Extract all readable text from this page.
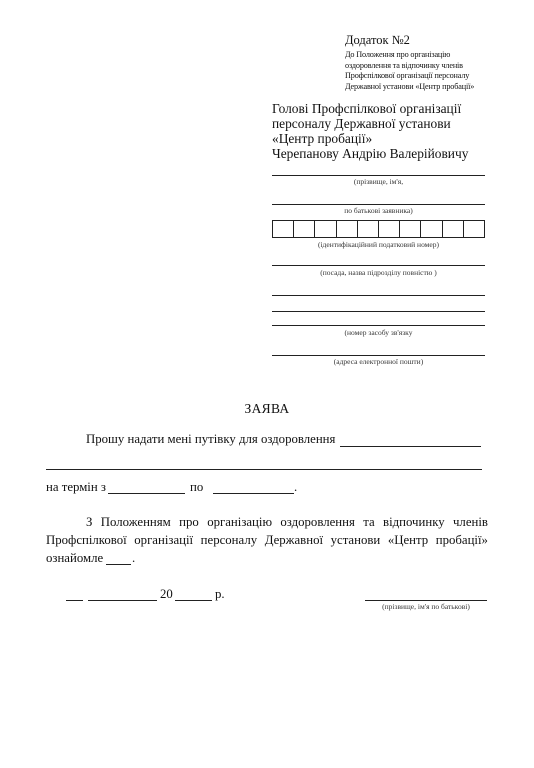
Додаток №2
До Положення про організацію
оздоровлення та відпочинку членів
Профспілкової організації персоналу
Державної установи «Центр пробації»
Голові Профспілкової організації
персоналу Державної установи
«Центр пробації»
Черепанову Андрію Валерійовичу
(прізвище, ім'я,
по батькові заявника)
(ідентифікаційний податковий номер)
(посада, назва підрозділу повністю )
(номер засобу зв'язку
(адреса електронної пошти)
ЗАЯВА
Прошу надати мені путівку для оздоровлення
на термін з	по	.
З Положенням про організацію оздоровлення та відпочинку членів
Профспілкової організації персоналу Державної установи «Центр пробації»
ознайомле .
20	р.
(прізвище, ім'я по батькові)
